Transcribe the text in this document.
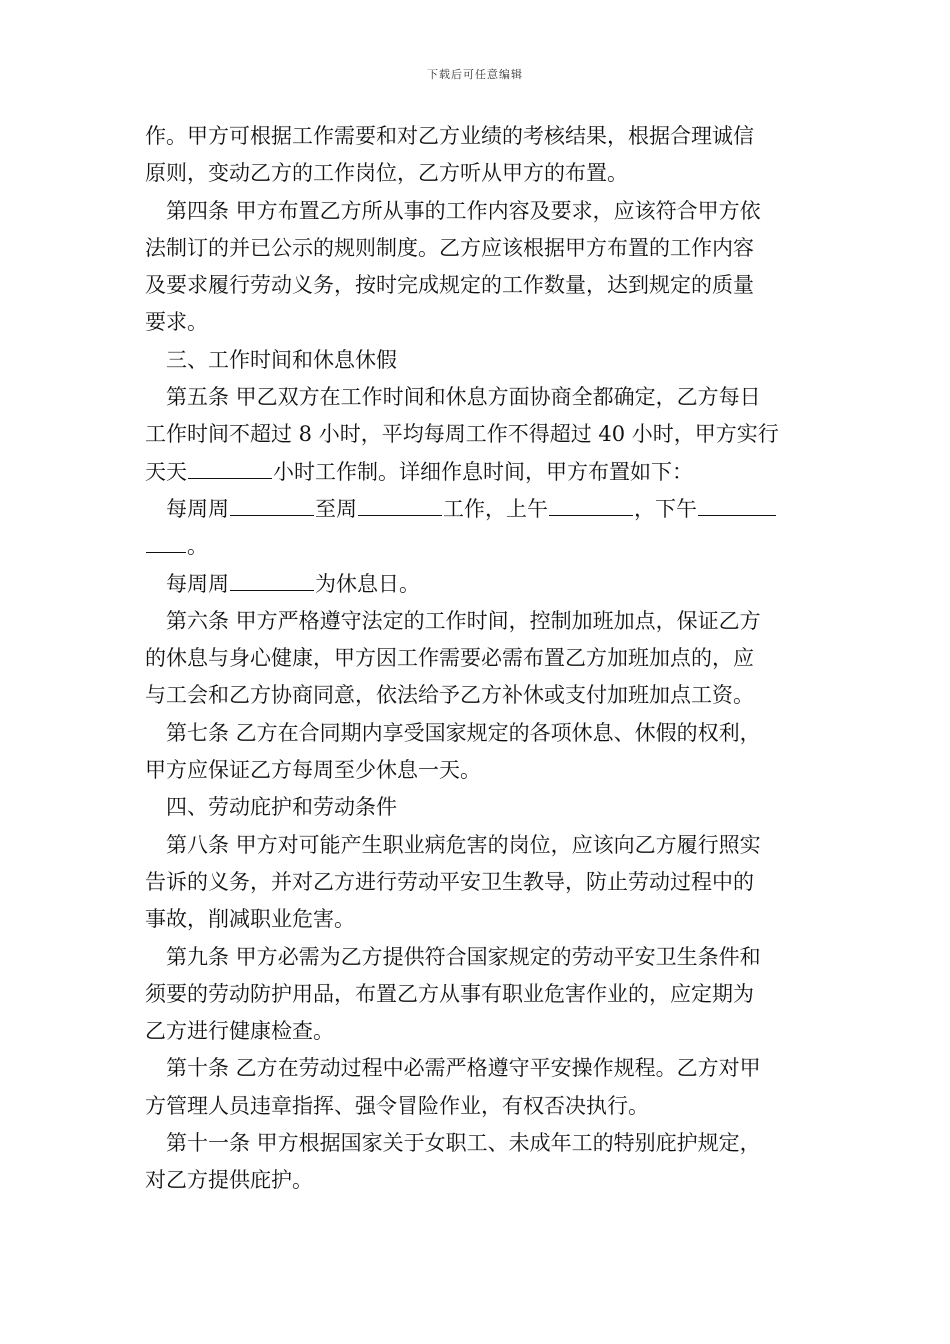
下载后可任意编辑
作。甲方可根据工作需要和对乙方业绩的考核结果，根据合理诚信
原则，变动乙方的工作岗位，乙方听从甲方的布置。
第四条 甲方布置乙方所从事的工作内容及要求，应该符合甲方依
法制订的并已公示的规则制度。乙方应该根据甲方布置的工作内容
及要求履行劳动义务，按时完成规定的工作数量，达到规定的质量
要求。
三、工作时间和休息休假
第五条 甲乙双方在工作时间和休息方面协商全都确定，乙方每日
工作时间不超过 8 小时，平均每周工作不得超过 40 小时，甲方实行
天天	小时工作制。详细作息时间，甲方布置如下：
每周周	至周	工作，上午	，下午
。
每周周	为休息日。
第六条 甲方严格遵守法定的工作时间，控制加班加点，保证乙方
的休息与身心健康，甲方因工作需要必需布置乙方加班加点的，应
与工会和乙方协商同意，依法给予乙方补休或支付加班加点工资。
第七条 乙方在合同期内享受国家规定的各项休息、休假的权利，
甲方应保证乙方每周至少休息一天。
四、劳动庇护和劳动条件
第八条 甲方对可能产生职业病危害的岗位，应该向乙方履行照实
告诉的义务，并对乙方进行劳动平安卫生教导，防止劳动过程中的
事故，削减职业危害。
第九条 甲方必需为乙方提供符合国家规定的劳动平安卫生条件和
须要的劳动防护用品，布置乙方从事有职业危害作业的，应定期为
乙方进行健康检查。
第十条 乙方在劳动过程中必需严格遵守平安操作规程。乙方对甲
方管理人员违章指挥、强令冒险作业，有权否决执行。
第十一条 甲方根据国家关于女职工、未成年工的特别庇护规定，
对乙方提供庇护。
